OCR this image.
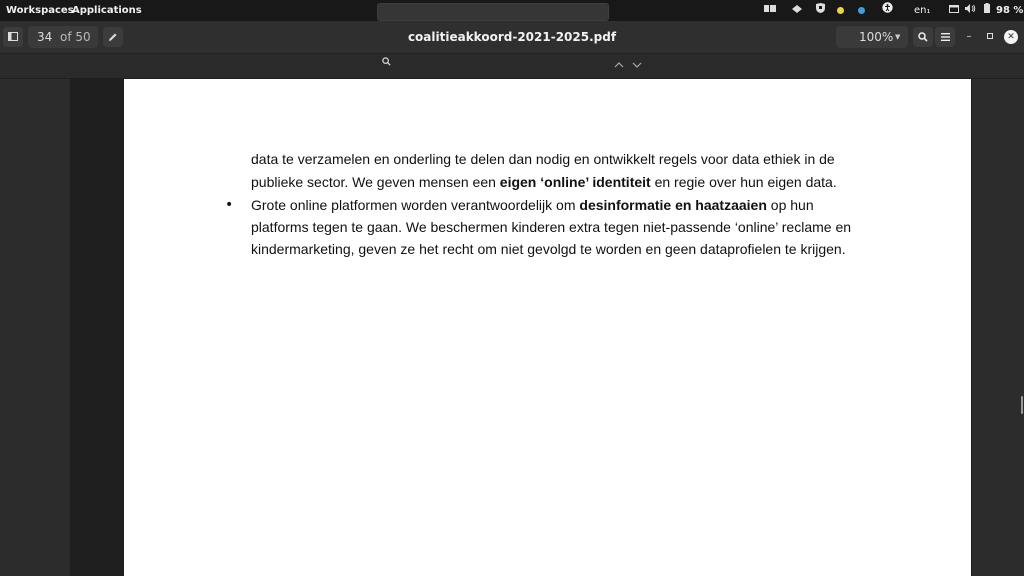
Workspaces
Applications	en₁	98 %
34 of 50	coalitieakkoord-2021-2025.pdf	100% ▼	–	✕
data te verzamelen en onderling te delen dan nodig en ontwikkelt regels voor data ethiek in de
publieke sector. We geven mensen een eigen ‘online’ identiteit en regie over hun eigen data.
• Grote online platformen worden verantwoordelijk om desinformatie en haatzaaien op hun
platforms tegen te gaan. We beschermen kinderen extra tegen niet-passende ‘online’ reclame en
kindermarketing, geven ze het recht om niet gevolgd te worden en geen dataprofielen te krijgen.
